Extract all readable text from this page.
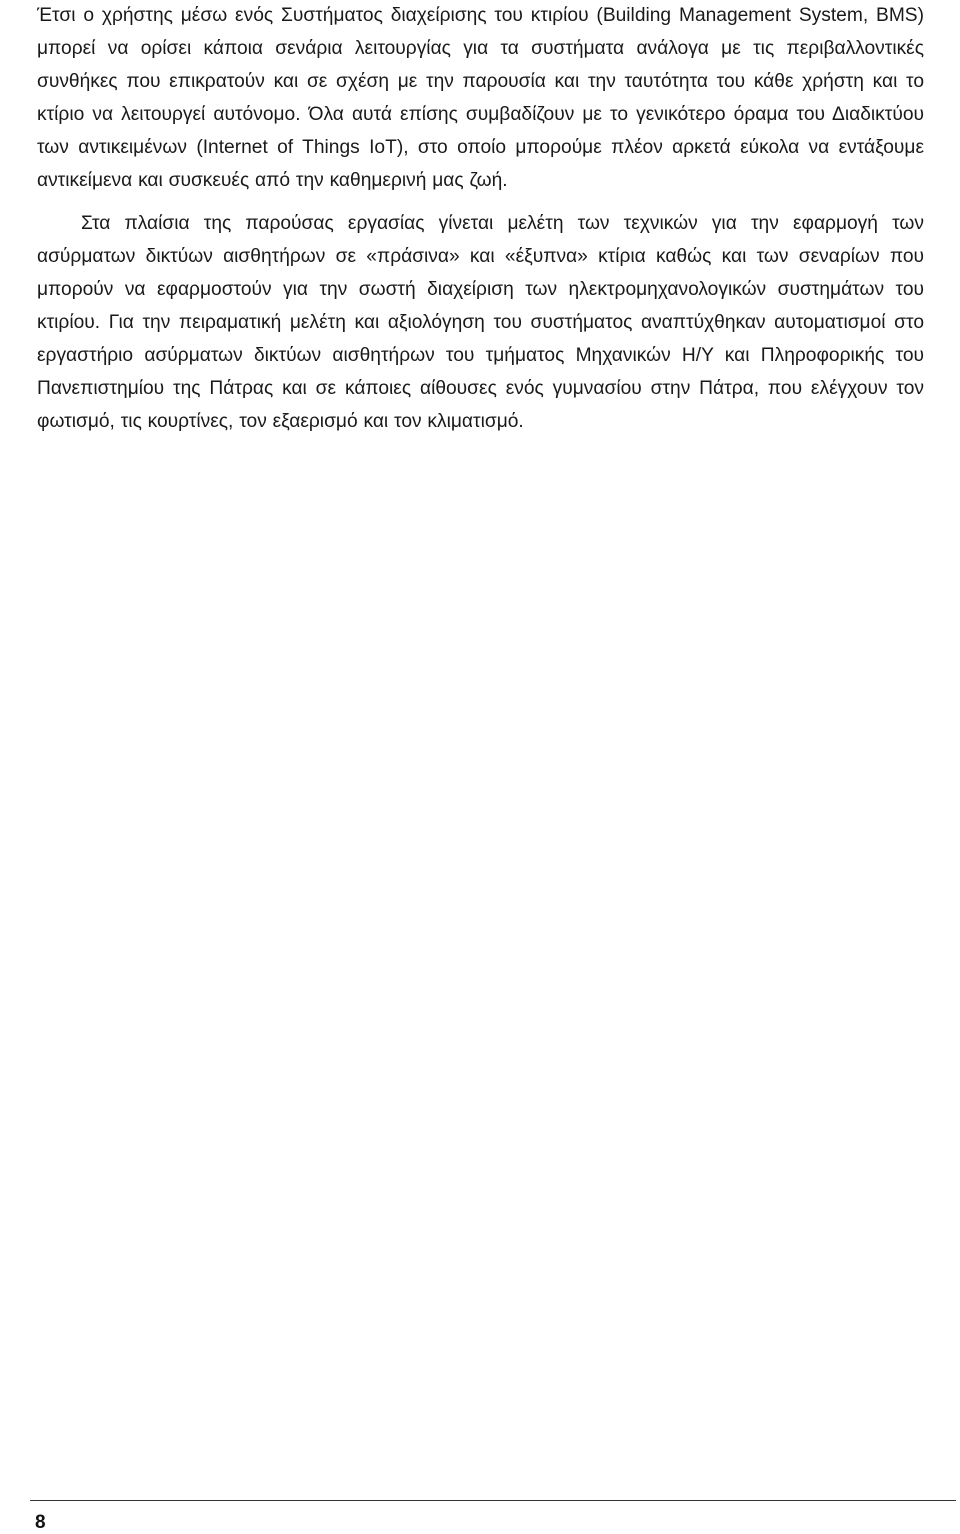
Έτσι ο χρήστης μέσω ενός Συστήματος διαχείρισης του κτιρίου (Building Management System, BMS) μπορεί να ορίσει κάποια σενάρια λειτουργίας για τα συστήματα ανάλογα με τις περιβαλλοντικές συνθήκες που επικρατούν και σε σχέση με την παρουσία και την ταυτότητα του κάθε χρήστη και το κτίριο να λειτουργεί αυτόνομο. Όλα αυτά επίσης συμβαδίζουν με το γενικότερο όραμα του Διαδικτύου των αντικειμένων (Internet of Things IoT), στο οποίο μπορούμε πλέον αρκετά εύκολα να εντάξουμε αντικείμενα και συσκευές από την καθημερινή μας ζωή.

Στα πλαίσια της παρούσας εργασίας γίνεται μελέτη των τεχνικών για την εφαρμογή των ασύρματων δικτύων αισθητήρων σε «πράσινα» και «έξυπνα» κτίρια καθώς και των σεναρίων που μπορούν να εφαρμοστούν για την σωστή διαχείριση των ηλεκτρομηχανολογικών συστημάτων του κτιρίου. Για την πειραματική μελέτη και αξιολόγηση του συστήματος αναπτύχθηκαν αυτοματισμοί στο εργαστήριο ασύρματων δικτύων αισθητήρων του τμήματος Μηχανικών Η/Υ και Πληροφορικής του Πανεπιστημίου της Πάτρας και σε κάποιες αίθουσες ενός γυμνασίου στην Πάτρα, που ελέγχουν τον φωτισμό, τις κουρτίνες, τον εξαερισμό και τον κλιματισμό.

8
